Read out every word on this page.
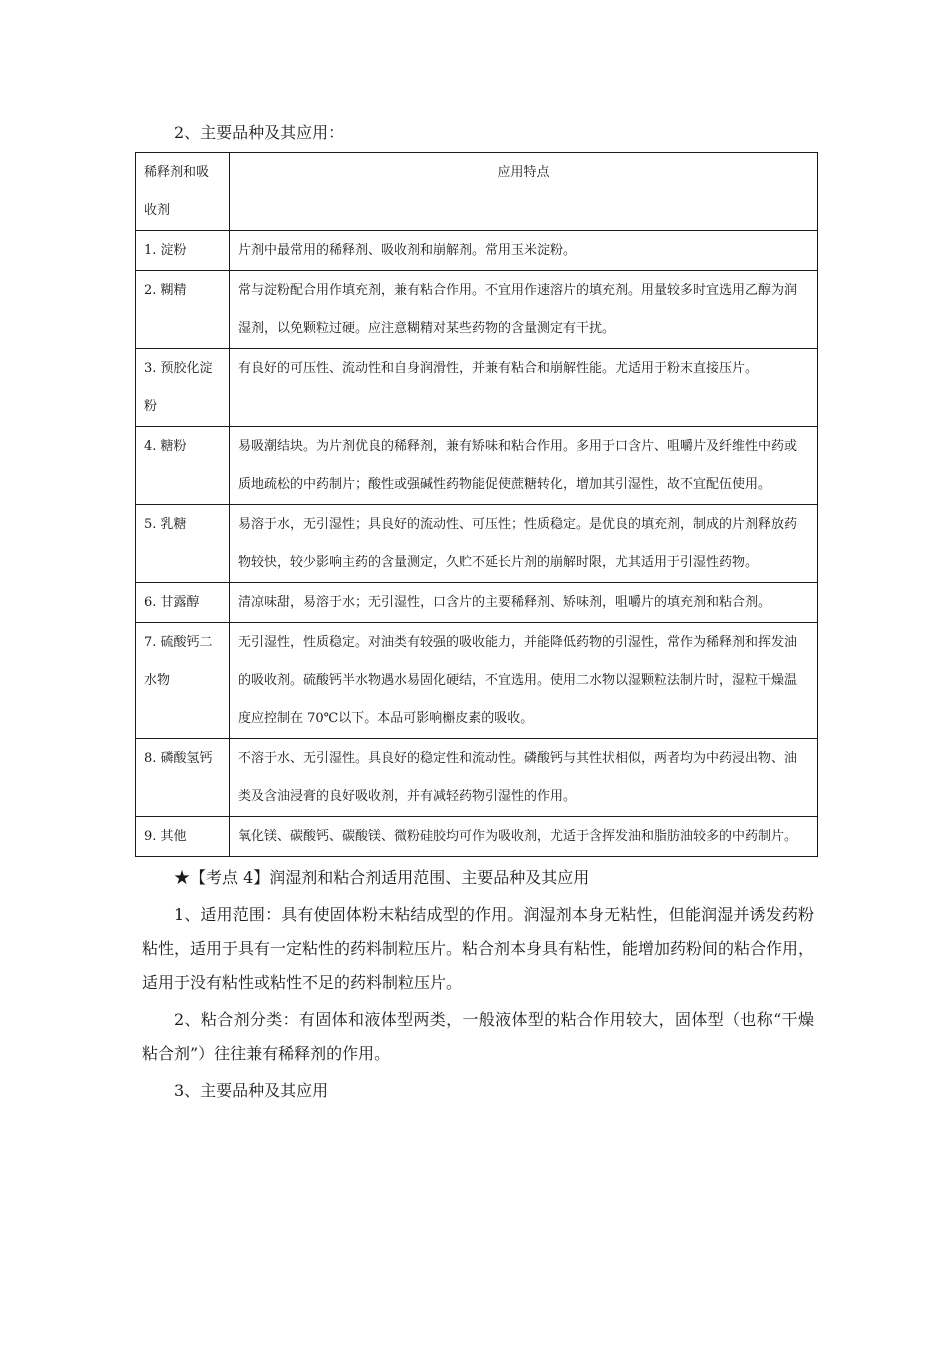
2、主要品种及其应用：
稀释剂和吸收剂	应用特点
1. 淀粉	片剂中最常用的稀释剂、吸收剂和崩解剂。常用玉米淀粉。
2. 糊精	常与淀粉配合用作填充剂，兼有粘合作用。不宜用作速溶片的填充剂。用量较多时宜选用乙醇为润湿剂，以免颗粒过硬。应注意糊精对某些药物的含量测定有干扰。
3. 预胶化淀粉	有良好的可压性、流动性和自身润滑性，并兼有粘合和崩解性能。尤适用于粉末直接压片。
4. 糖粉	易吸潮结块。为片剂优良的稀释剂，兼有矫味和粘合作用。多用于口含片、咀嚼片及纤维性中药或质地疏松的中药制片；酸性或强碱性药物能促使蔗糖转化，增加其引湿性，故不宜配伍使用。
5. 乳糖	易溶于水，无引湿性；具良好的流动性、可压性；性质稳定。是优良的填充剂，制成的片剂释放药物较快，较少影响主药的含量测定，久贮不延长片剂的崩解时限，尤其适用于引湿性药物。
6. 甘露醇	清凉味甜，易溶于水；无引湿性，口含片的主要稀释剂、矫味剂，咀嚼片的填充剂和粘合剂。
7. 硫酸钙二水物	无引湿性，性质稳定。对油类有较强的吸收能力，并能降低药物的引湿性，常作为稀释剂和挥发油的吸收剂。硫酸钙半水物遇水易固化硬结，不宜选用。使用二水物以湿颗粒法制片时，湿粒干燥温度应控制在 70℃以下。本品可影响槲皮素的吸收。
8. 磷酸氢钙	不溶于水、无引湿性。具良好的稳定性和流动性。磷酸钙与其性状相似，两者均为中药浸出物、油类及含油浸膏的良好吸收剂，并有减轻药物引湿性的作用。
9. 其他	氧化镁、碳酸钙、碳酸镁、微粉硅胶均可作为吸收剂，尤适于含挥发油和脂肪油较多的中药制片。

★【考点 4】润湿剂和粘合剂适用范围、主要品种及其应用

1、适用范围：具有使固体粉末粘结成型的作用。润湿剂本身无粘性，但能润湿并诱发药粉粘性，适用于具有一定粘性的药料制粒压片。粘合剂本身具有粘性，能增加药粉间的粘合作用，适用于没有粘性或粘性不足的药料制粒压片。

2、粘合剂分类：有固体和液体型两类，一般液体型的粘合作用较大，固体型（也称“干燥粘合剂”）往往兼有稀释剂的作用。

3、主要品种及其应用
